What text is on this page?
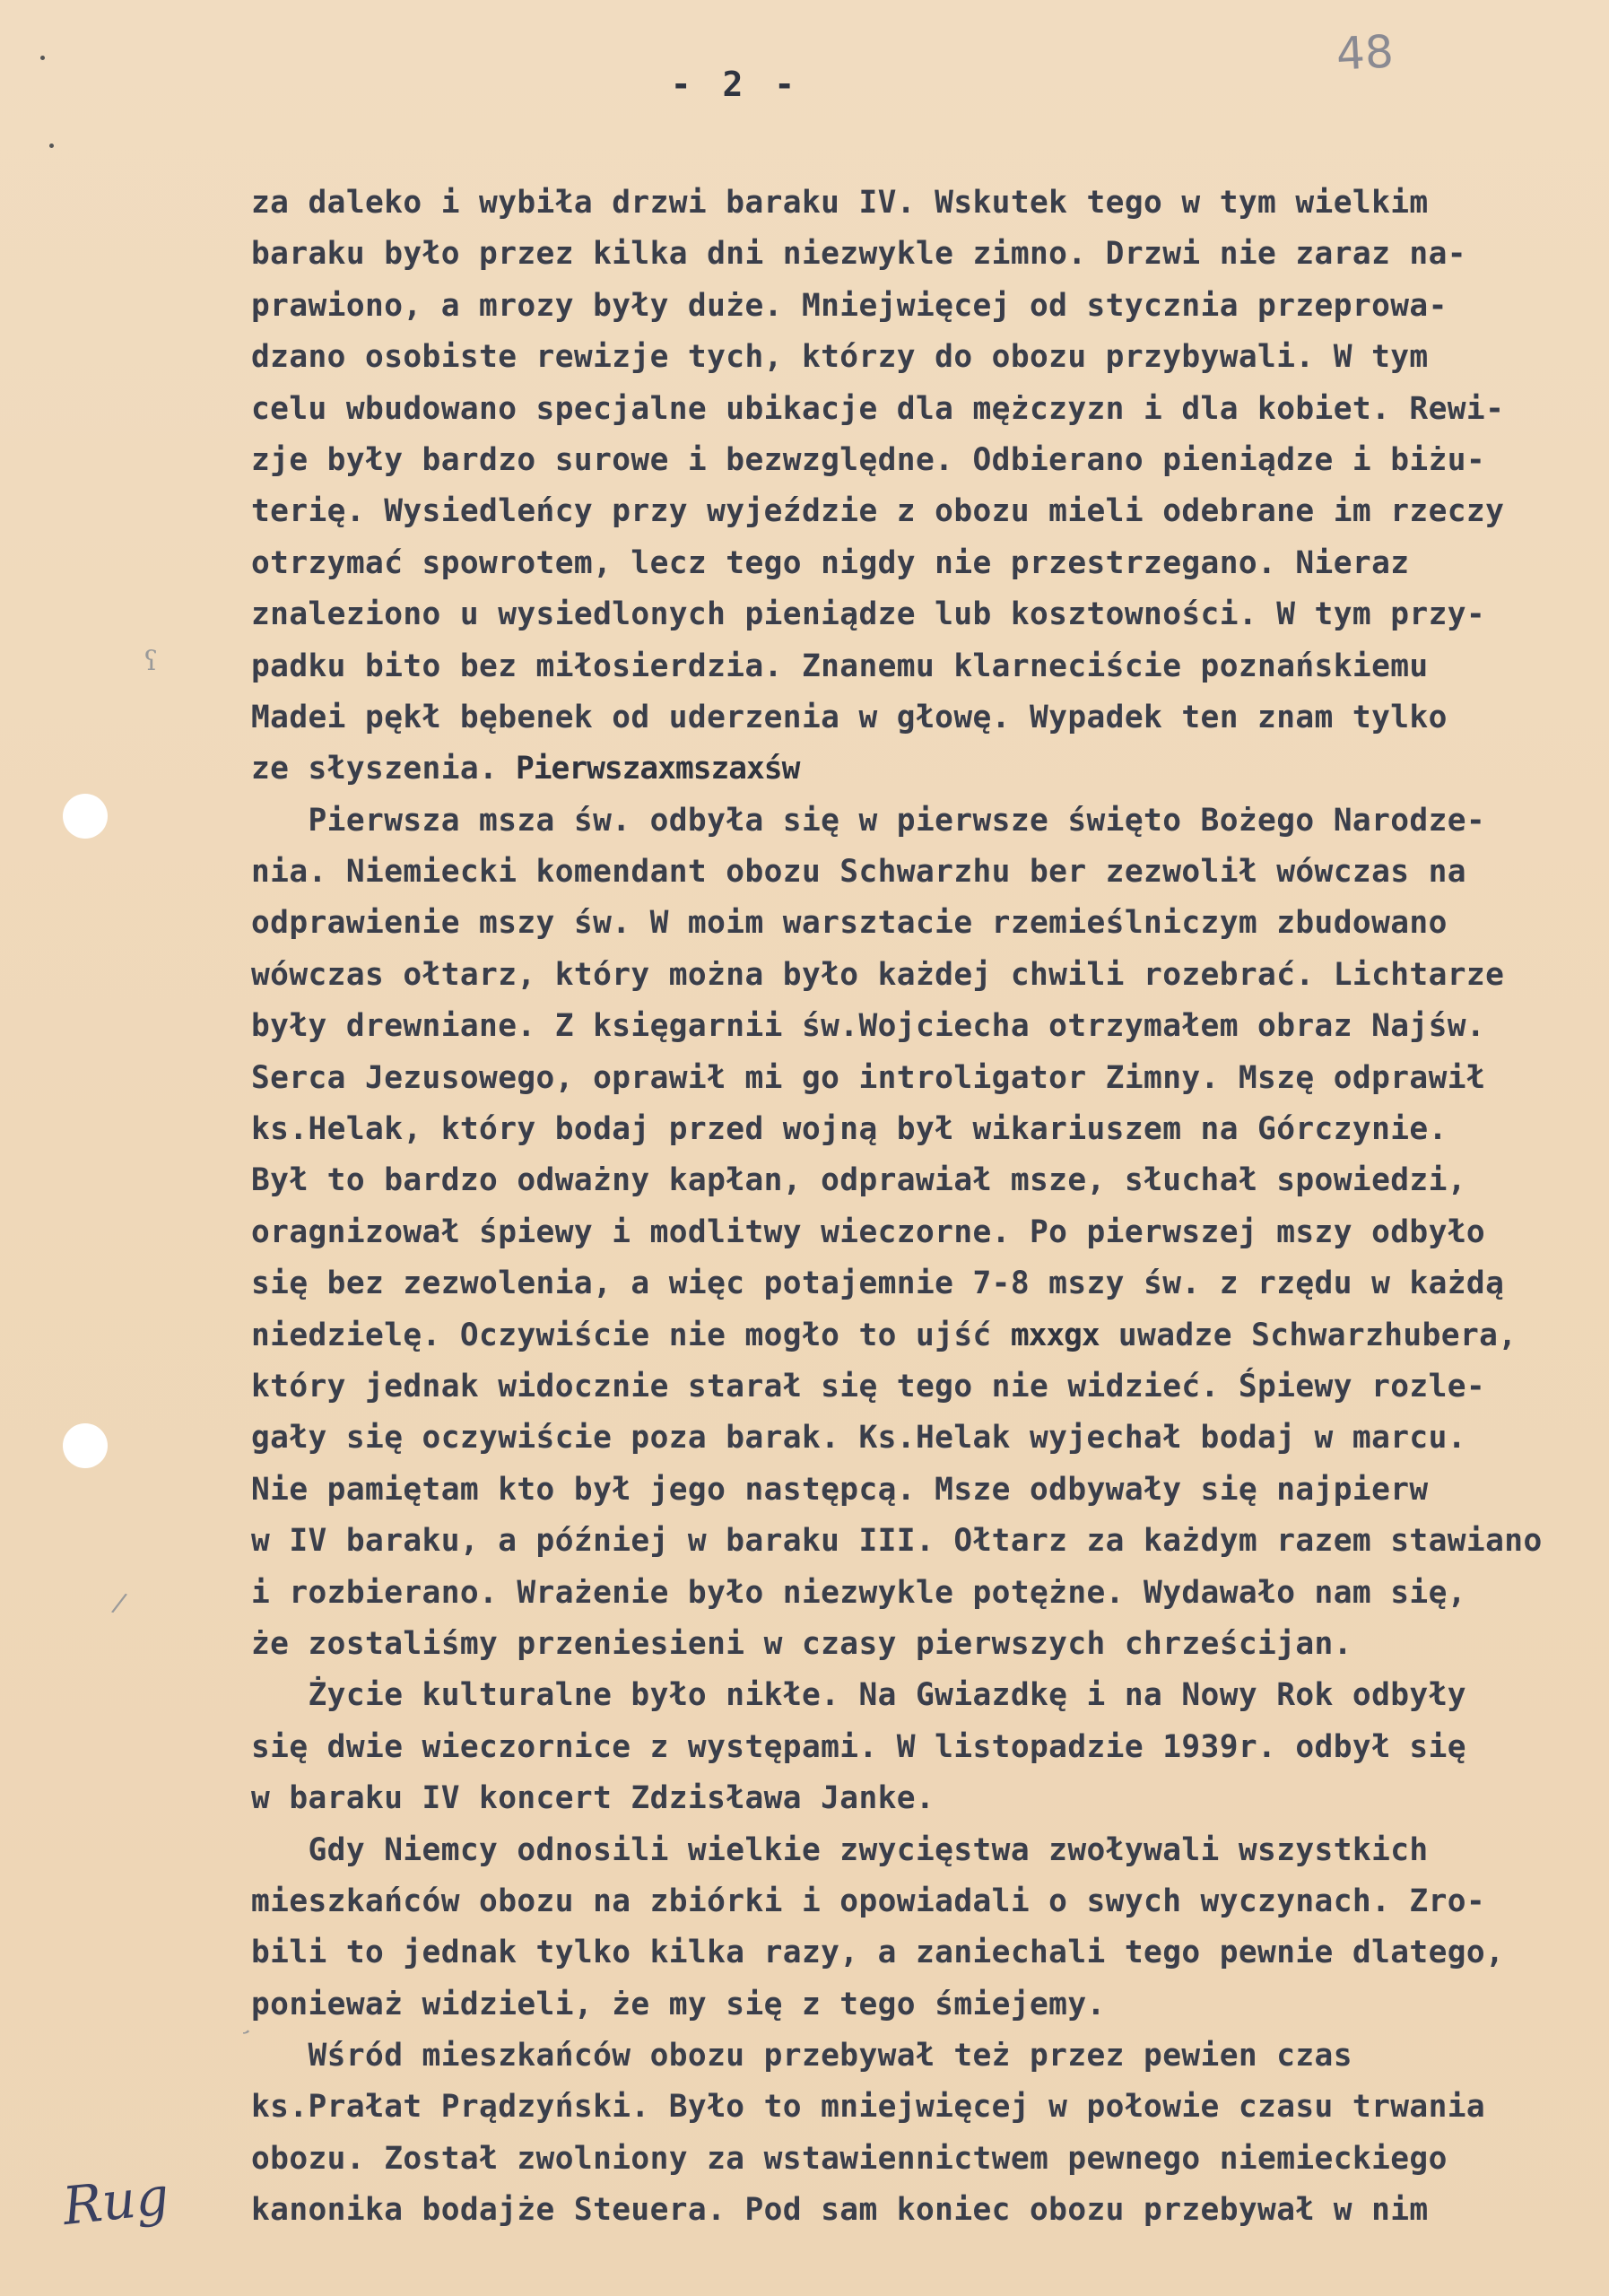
- 2 -
48
ʕ
/
,
Rug
za daleko i wybiła drzwi baraku IV. Wskutek tego w tym wielkim
baraku było przez kilka dni niezwykle zimno. Drzwi nie zaraz na-
prawiono, a mrozy były duże. Mniejwięcej od stycznia przeprowa-
dzano osobiste rewizje tych, którzy do obozu przybywali. W tym
celu wbudowano specjalne ubikacje dla mężczyzn i dla kobiet. Rewi-
zje były bardzo surowe i bezwzględne. Odbierano pieniądze i biżu-
terię. Wysiedleńcy przy wyjeździe z obozu mieli odebrane im rzeczy
otrzymać spowrotem, lecz tego nigdy nie przestrzegano. Nieraz
znaleziono u wysiedlonych pieniądze lub kosztowności. W tym przy-
padku bito bez miłosierdzia. Znanemu klarneciście poznańskiemu
Madei pękł bębenek od uderzenia w głowę. Wypadek ten znam tylko
ze słyszenia. Pierwszaxmszaxśw
Pierwsza msza św. odbyła się w pierwsze święto Bożego Narodze-
nia. Niemiecki komendant obozu Schwarzhu ber zezwolił wówczas na
odprawienie mszy św. W moim warsztacie rzemieślniczym zbudowano
wówczas ołtarz, który można było każdej chwili rozebrać. Lichtarze
były drewniane. Z księgarnii św.Wojciecha otrzymałem obraz Najśw.
Serca Jezusowego, oprawił mi go introligator Zimny. Mszę odprawił
ks.Helak, który bodaj przed wojną był wikariuszem na Górczynie.
Był to bardzo odważny kapłan, odprawiał msze, słuchał spowiedzi,
oragnizował śpiewy i modlitwy wieczorne. Po pierwszej mszy odbyło
się bez zezwolenia, a więc potajemnie 7-8 mszy św. z rzędu w każdą
niedzielę. Oczywiście nie mogło to ujść mxxgx uwadze Schwarzhubera,
który jednak widocznie starał się tego nie widzieć. Śpiewy rozle-
gały się oczywiście poza barak. Ks.Helak wyjechał bodaj w marcu.
Nie pamiętam kto był jego następcą. Msze odbywały się najpierw
w IV baraku, a później w baraku III. Ołtarz za każdym razem stawiano
i rozbierano. Wrażenie było niezwykle potężne. Wydawało nam się,
że zostaliśmy przeniesieni w czasy pierwszych chrześcijan.
Życie kulturalne było nikłe. Na Gwiazdkę i na Nowy Rok odbyły
się dwie wieczornice z występami. W listopadzie 1939r. odbył się
w baraku IV koncert Zdzisława Janke.
Gdy Niemcy odnosili wielkie zwycięstwa zwoływali wszystkich
mieszkańców obozu na zbiórki i opowiadali o swych wyczynach. Zro-
bili to jednak tylko kilka razy, a zaniechali tego pewnie dlatego,
ponieważ widzieli, że my się z tego śmiejemy.
Wśród mieszkańców obozu przebywał też przez pewien czas
ks.Prałat Prądzyński. Było to mniejwięcej w połowie czasu trwania
obozu. Został zwolniony za wstawiennictwem pewnego niemieckiego
kanonika bodajże Steuera. Pod sam koniec obozu przebywał w nim
